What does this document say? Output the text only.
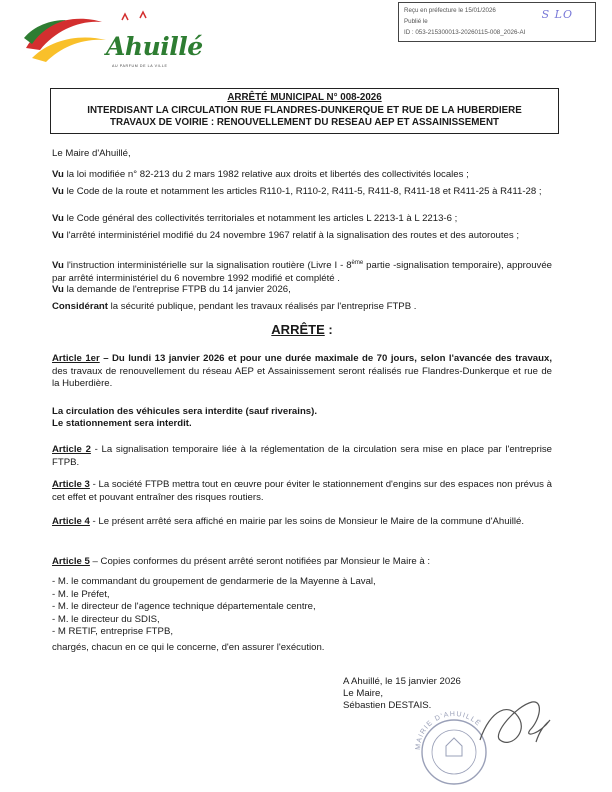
Ahuillé
AU PARFUM DE LA VILLE
Reçu en préfecture le 15/01/2026
Publié le
ID : 053-215300013-20260115-008_2026-AI
S LO
ARRÊTÉ MUNICIPAL N° 008-2026
INTERDISANT LA CIRCULATION RUE FLANDRES-DUNKERQUE ET RUE DE LA HUBERDIERE
TRAVAUX DE VOIRIE : RENOUVELLEMENT DU RESEAU AEP ET ASSAINISSEMENT
Le Maire d'Ahuillé,
Vu la loi modifiée n° 82-213 du 2 mars 1982 relative aux droits et libertés des collectivités locales ;
Vu le Code de la route et notamment les articles R110-1, R110-2, R411-5, R411-8, R411-18 et R411-25 à R411-28 ;
Vu le Code général des collectivités territoriales et notamment les articles L 2213-1 à L 2213-6 ;
Vu l'arrêté interministériel modifié du 24 novembre 1967 relatif à la signalisation des routes et des autoroutes ;
Vu l'instruction interministérielle sur la signalisation routière (Livre I - 8ème partie -signalisation temporaire), approuvée par arrêté interministériel du 6 novembre 1992 modifié et complété .
Vu la demande de l'entreprise FTPB du 14 janvier 2026,
Considérant la sécurité publique, pendant les travaux réalisés par l'entreprise FTPB .
ARRÊTE :
Article 1er – Du lundi 13 janvier 2026 et pour une durée maximale de 70 jours, selon l'avancée des travaux, des travaux de renouvellement du réseau AEP et Assainissement seront réalisés rue Flandres-Dunkerque et rue de la Huberdière.
La circulation des véhicules sera interdite (sauf riverains).
Le stationnement sera interdit.
Article 2 - La signalisation temporaire liée à la réglementation de la circulation sera mise en place par l'entreprise FTPB.
Article 3 - La société FTPB mettra tout en œuvre pour éviter le stationnement d'engins sur des espaces non prévus à cet effet et pouvant entraîner des risques routiers.
Article 4 - Le présent arrêté sera affiché en mairie par les soins de Monsieur le Maire de la commune d'Ahuillé.
Article 5 – Copies conformes du présent arrêté seront notifiées par Monsieur le Maire à :
- M. le commandant du groupement de gendarmerie de la Mayenne à Laval,
- M. le Préfet,
- M. le directeur de l'agence technique départementale centre,
- M. le directeur du SDIS,
- M RETIF, entreprise FTPB,
chargés, chacun en ce qui le concerne, d'en assurer l'exécution.
A Ahuillé, le 15 janvier 2026
Le Maire,
Sébastien DESTAIS.
MAIRIE D'AHUILLÉ
